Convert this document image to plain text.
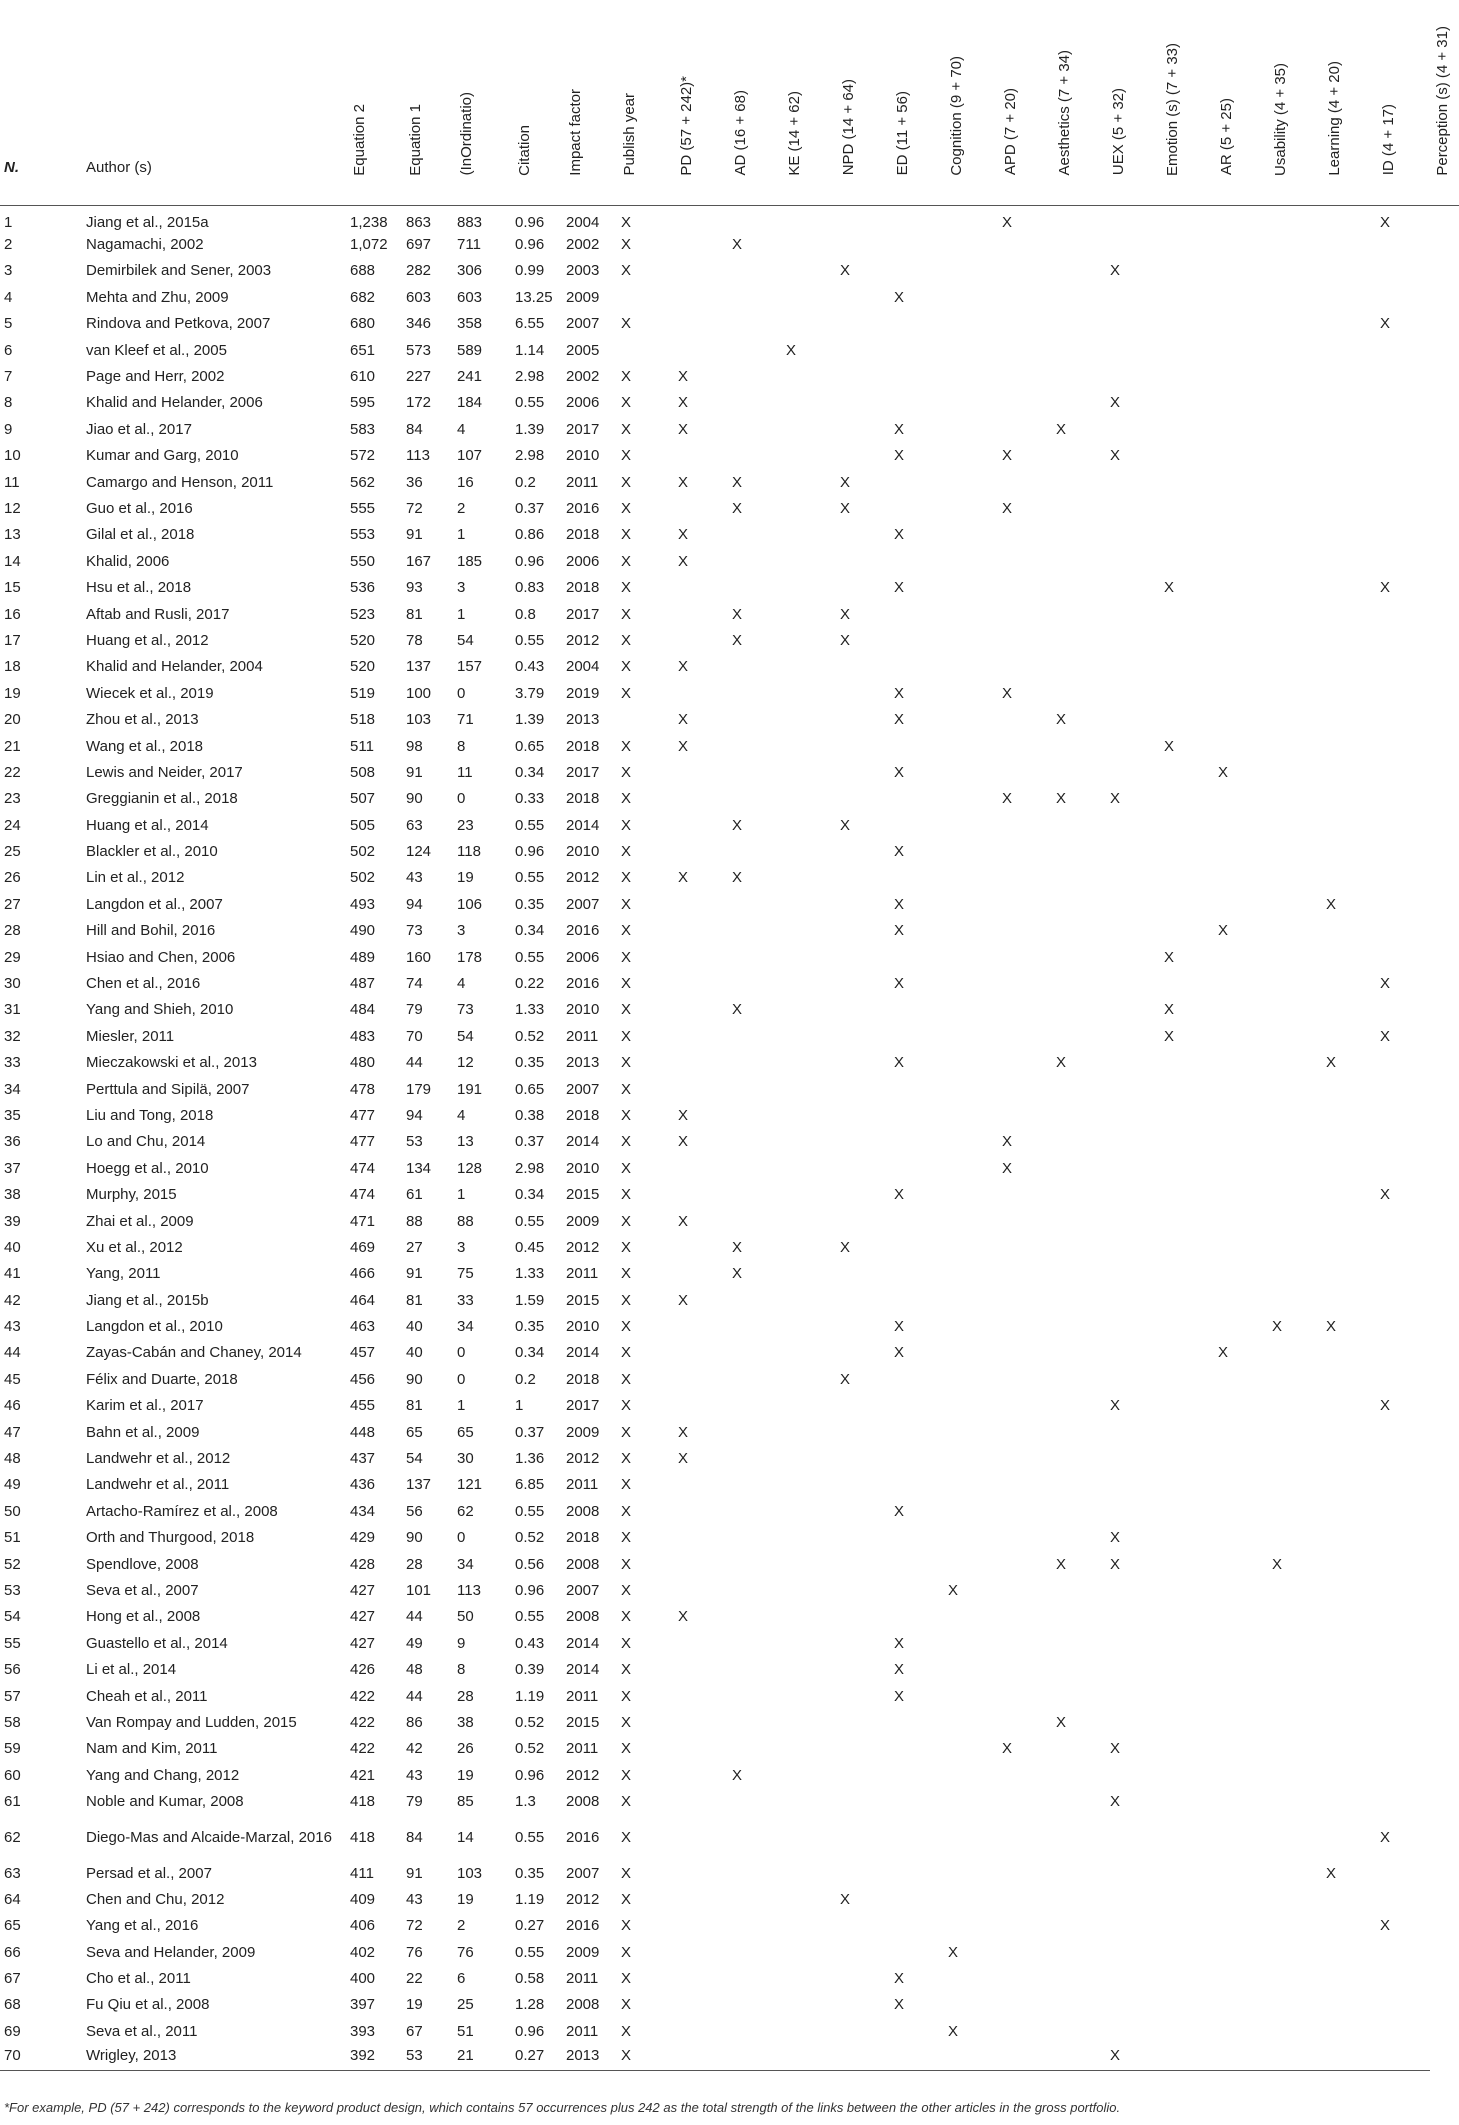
N.	Author (s)	Equation 2	Equation 1	(InOrdinatio)	Citation	Impact factor	Publish year	PD (57 + 242)*	AD (16 + 68)	KE (14 + 62)	NPD (14 + 64)	ED (11 + 56)	Cognition (9 + 70)	APD (7 + 20)	Aesthetics (7 + 34)	UEX (5 + 32)	Emotion (s) (7 + 33)	AR (5 + 25)	Usability (4 + 35)	Learning (4 + 20)	ID (4 + 17)	Perception (s) (4 + 31)

1	Jiang et al., 2015a	1,238	863	883	0.96	2004	X							X							X	
2	Nagamachi, 2002	1,072	697	711	0.96	2002	X		X													
3	Demirbilek and Sener, 2003	688	282	306	0.99	2003	X				X					X						
4	Mehta and Zhu, 2009	682	603	603	13.25	2009						X										
5	Rindova and Petkova, 2007	680	346	358	6.55	2007	X														X	
6	van Kleef et al., 2005	651	573	589	1.14	2005				X												
7	Page and Herr, 2002	610	227	241	2.98	2002	X	X														
8	Khalid and Helander, 2006	595	172	184	0.55	2006	X	X								X						
9	Jiao et al., 2017	583	84	4	1.39	2017	X	X				X			X							
10	Kumar and Garg, 2010	572	113	107	2.98	2010	X					X		X		X						
11	Camargo and Henson, 2011	562	36	16	0.2	2011	X	X	X		X											
12	Guo et al., 2016	555	72	2	0.37	2016	X		X		X			X								
13	Gilal et al., 2018	553	91	1	0.86	2018	X	X				X										
14	Khalid, 2006	550	167	185	0.96	2006	X	X														
15	Hsu et al., 2018	536	93	3	0.83	2018	X					X					X				X	
16	Aftab and Rusli, 2017	523	81	1	0.8	2017	X		X		X											
17	Huang et al., 2012	520	78	54	0.55	2012	X		X		X											
18	Khalid and Helander, 2004	520	137	157	0.43	2004	X	X														
19	Wiecek et al., 2019	519	100	0	3.79	2019	X					X		X								
20	Zhou et al., 2013	518	103	71	1.39	2013		X				X			X							
21	Wang et al., 2018	511	98	8	0.65	2018	X	X									X					
22	Lewis and Neider, 2017	508	91	11	0.34	2017	X					X						X				
23	Greggianin et al., 2018	507	90	0	0.33	2018	X							X	X	X						
24	Huang et al., 2014	505	63	23	0.55	2014	X		X		X											
25	Blackler et al., 2010	502	124	118	0.96	2010	X					X										
26	Lin et al., 2012	502	43	19	0.55	2012	X	X	X													
27	Langdon et al., 2007	493	94	106	0.35	2007	X					X								X		
28	Hill and Bohil, 2016	490	73	3	0.34	2016	X					X						X				
29	Hsiao and Chen, 2006	489	160	178	0.55	2006	X										X					
30	Chen et al., 2016	487	74	4	0.22	2016	X					X									X	
31	Yang and Shieh, 2010	484	79	73	1.33	2010	X		X								X					
32	Miesler, 2011	483	70	54	0.52	2011	X										X				X	
33	Mieczakowski et al., 2013	480	44	12	0.35	2013	X					X			X					X		
34	Perttula and Sipilä, 2007	478	179	191	0.65	2007	X															
35	Liu and Tong, 2018	477	94	4	0.38	2018	X	X														
36	Lo and Chu, 2014	477	53	13	0.37	2014	X	X						X								
37	Hoegg et al., 2010	474	134	128	2.98	2010	X							X								
38	Murphy, 2015	474	61	1	0.34	2015	X					X									X	
39	Zhai et al., 2009	471	88	88	0.55	2009	X	X														
40	Xu et al., 2012	469	27	3	0.45	2012	X		X		X											
41	Yang, 2011	466	91	75	1.33	2011	X		X													
42	Jiang et al., 2015b	464	81	33	1.59	2015	X	X														
43	Langdon et al., 2010	463	40	34	0.35	2010	X					X							X	X		
44	Zayas-Cabán and Chaney, 2014	457	40	0	0.34	2014	X					X						X				
45	Félix and Duarte, 2018	456	90	0	0.2	2018	X				X											
46	Karim et al., 2017	455	81	1	1	2017	X									X					X	
47	Bahn et al., 2009	448	65	65	0.37	2009	X	X														
48	Landwehr et al., 2012	437	54	30	1.36	2012	X	X														
49	Landwehr et al., 2011	436	137	121	6.85	2011	X															
50	Artacho-Ramírez et al., 2008	434	56	62	0.55	2008	X					X										
51	Orth and Thurgood, 2018	429	90	0	0.52	2018	X									X						
52	Spendlove, 2008	428	28	34	0.56	2008	X								X	X			X			
53	Seva et al., 2007	427	101	113	0.96	2007	X						X									
54	Hong et al., 2008	427	44	50	0.55	2008	X	X														
55	Guastello et al., 2014	427	49	9	0.43	2014	X					X										
56	Li et al., 2014	426	48	8	0.39	2014	X					X										
57	Cheah et al., 2011	422	44	28	1.19	2011	X					X										
58	Van Rompay and Ludden, 2015	422	86	38	0.52	2015	X								X							
59	Nam and Kim, 2011	422	42	26	0.52	2011	X							X		X						
60	Yang and Chang, 2012	421	43	19	0.96	2012	X		X													
61	Noble and Kumar, 2008	418	79	85	1.3	2008	X									X						
62	Diego-Mas and Alcaide-Marzal, 2016	418	84	14	0.55	2016	X														X	
63	Persad et al., 2007	411	91	103	0.35	2007	X													X		
64	Chen and Chu, 2012	409	43	19	1.19	2012	X				X											
65	Yang et al., 2016	406	72	2	0.27	2016	X														X	
66	Seva and Helander, 2009	402	76	76	0.55	2009	X						X									
67	Cho et al., 2011	400	22	6	0.58	2011	X					X										
68	Fu Qiu et al., 2008	397	19	25	1.28	2008	X					X										
69	Seva et al., 2011	393	67	51	0.96	2011	X						X									
70	Wrigley, 2013	392	53	21	0.27	2013	X									X						
*For example, PD (57 + 242) corresponds to the keyword product design, which contains 57 occurrences plus 242 as the total strength of the links between the other articles in the gross portfolio.
